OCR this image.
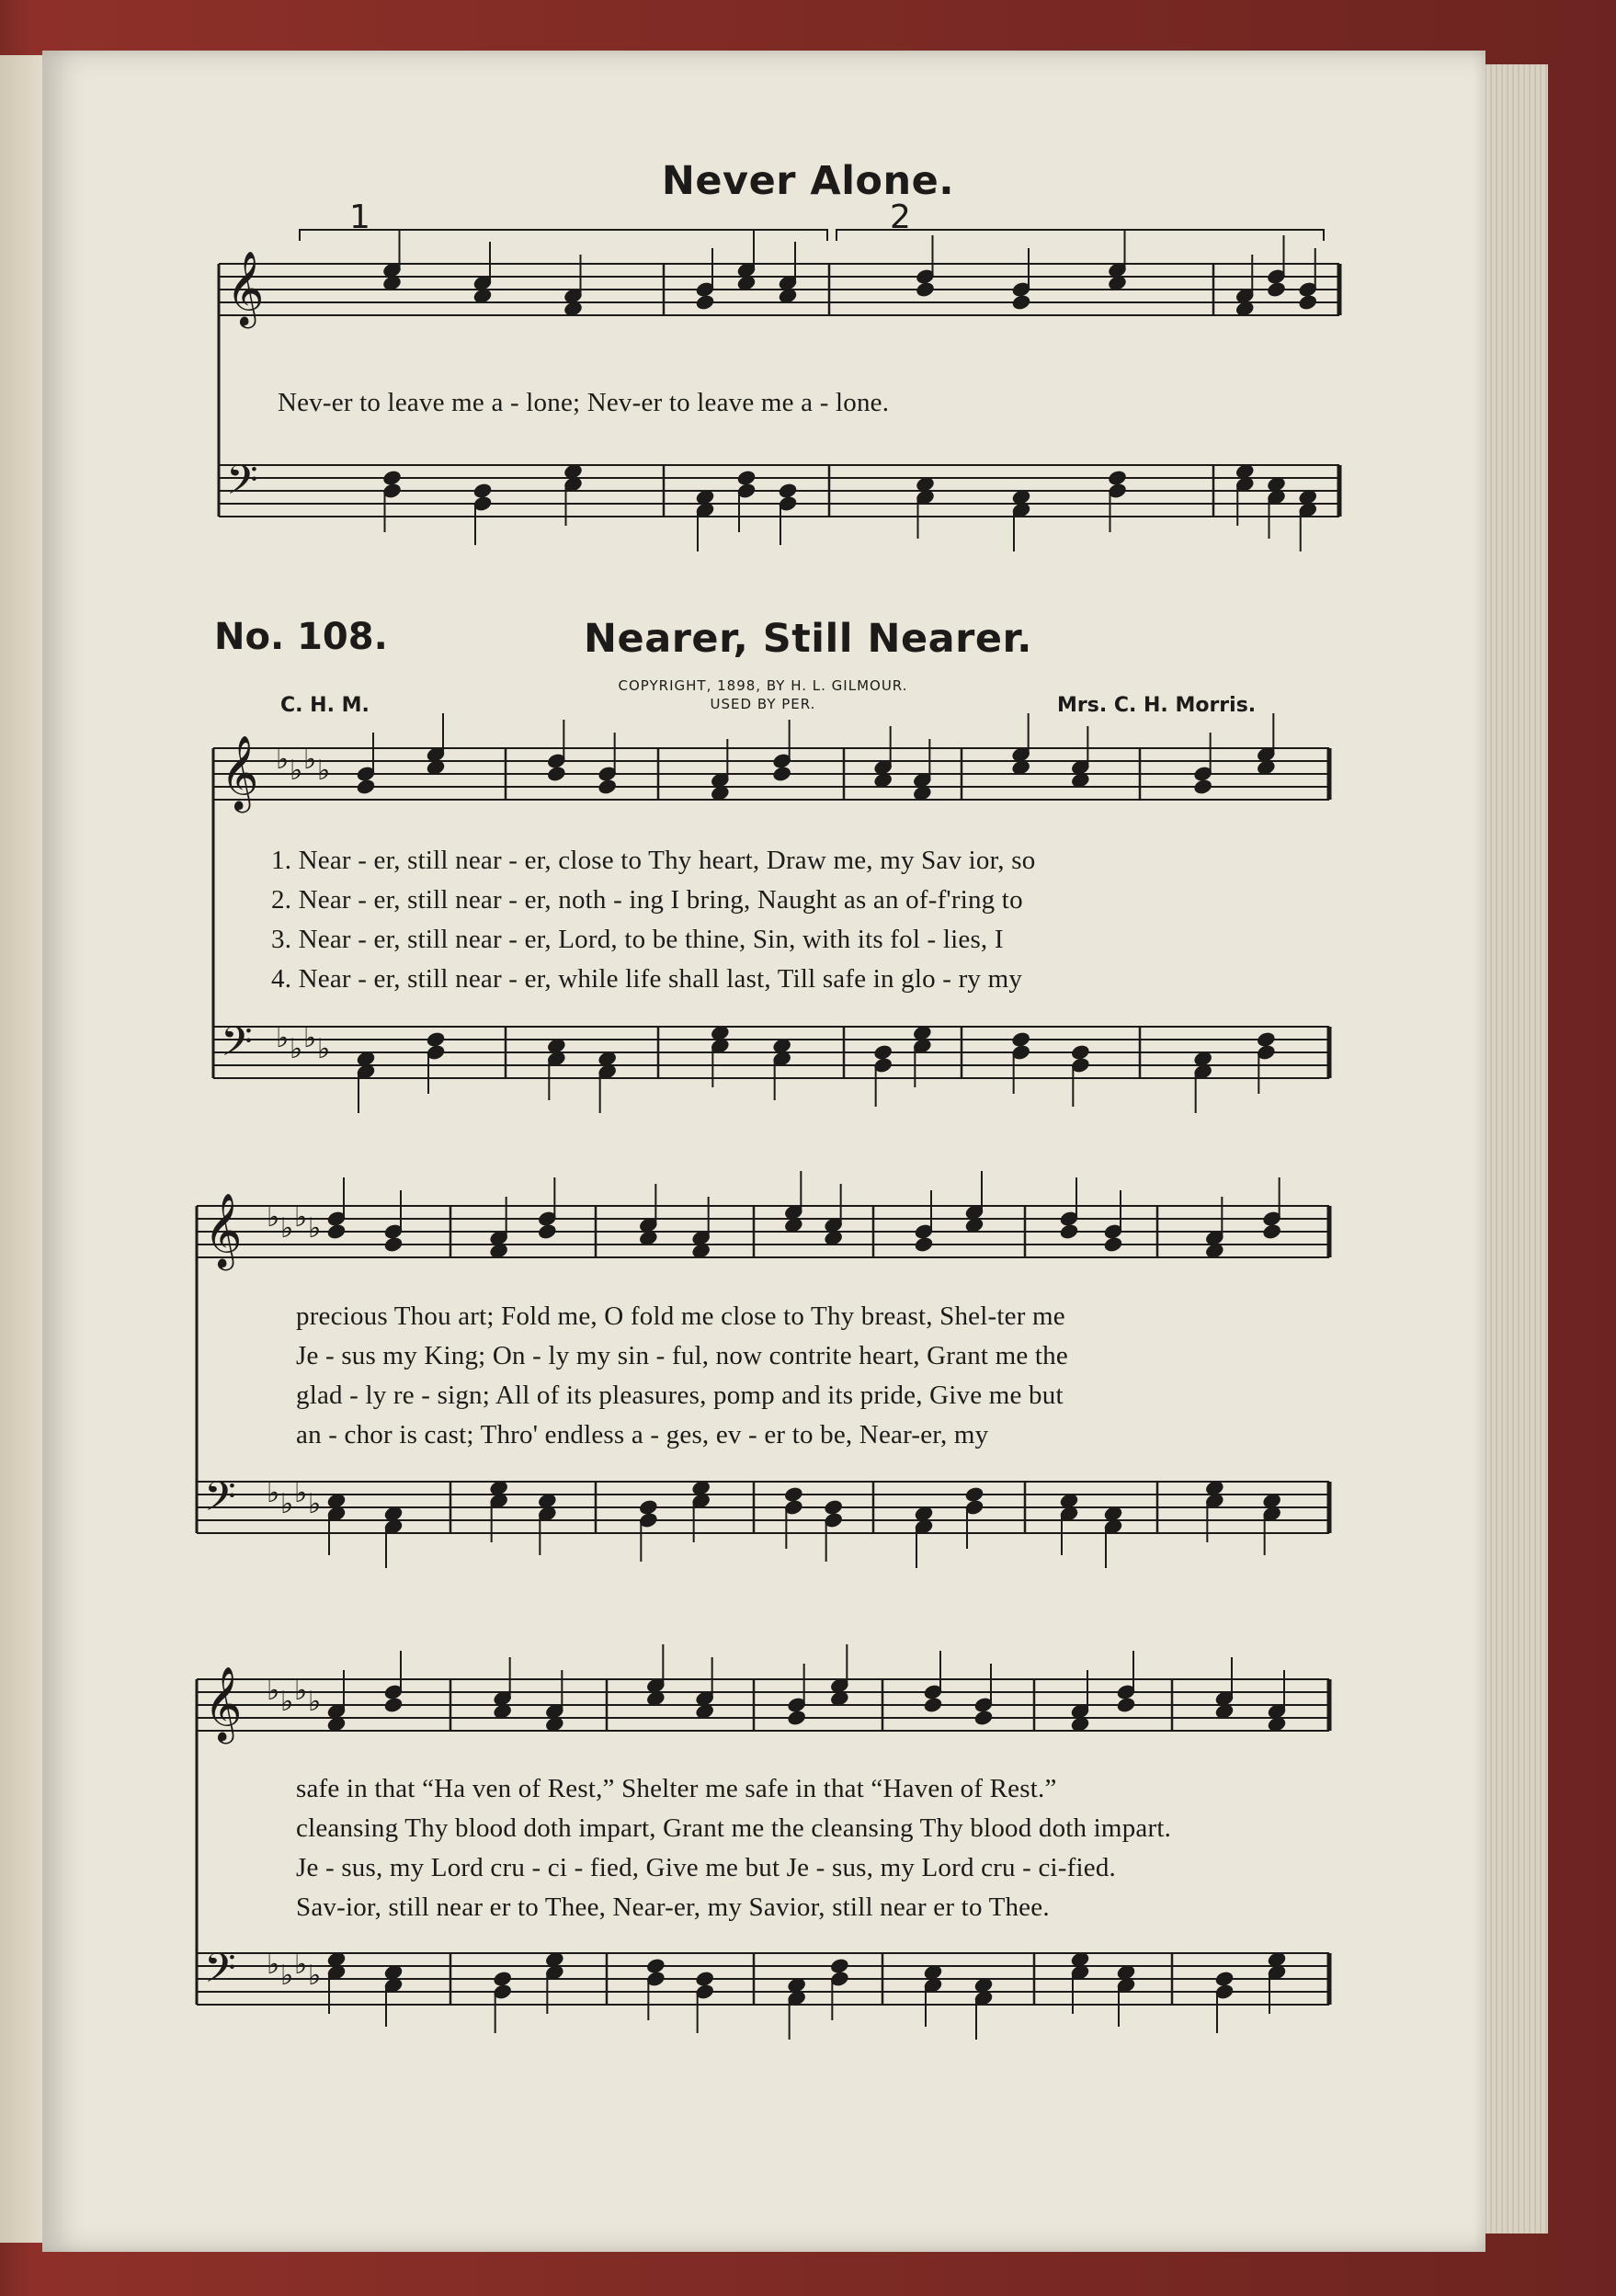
𝄞
𝄢
1	2
𝄞
𝄢
𝄞
𝄢
𝄞
𝄢
♭ ♭ ♭ ♭
♭ ♭ ♭ ♭
♭ ♭ ♭ ♭
♭ ♭ ♭ ♭
♭ ♭ ♭ ♭
♭ ♭ ♭ ♭
Never Alone.
Nev-er to leave me a - lone; Nev-er to leave me a - lone.
No. 108.	Nearer, Still Nearer.
C. H. M.
COPYRIGHT, 1898, BY H. L. GILMOUR.
USED BY PER.	Mrs. C. H. Morris.
1. Near - er, still near - er, close to Thy heart, Draw me, my Sav ior, so
2. Near - er, still near - er, noth - ing I bring, Naught as an of-f'ring to
3. Near - er, still near - er, Lord, to be thine, Sin, with its fol - lies, I
4. Near - er, still near - er, while life shall last, Till safe in glo - ry my
precious Thou art; Fold me, O fold me close to Thy breast, Shel-ter me
Je - sus my King; On - ly my sin - ful, now contrite heart, Grant me the
glad - ly re - sign; All of its pleasures, pomp and its pride, Give me but
an - chor is cast; Thro' endless a - ges, ev - er to be, Near-er, my
safe in that “Ha ven of Rest,” Shelter me safe in that “Haven of Rest.”
cleansing Thy blood doth impart, Grant me the cleansing Thy blood doth impart.
Je - sus, my Lord cru - ci - fied, Give me but Je - sus, my Lord cru - ci-fied.
Sav-ior, still near er to Thee, Near-er, my Savior, still near er to Thee.
